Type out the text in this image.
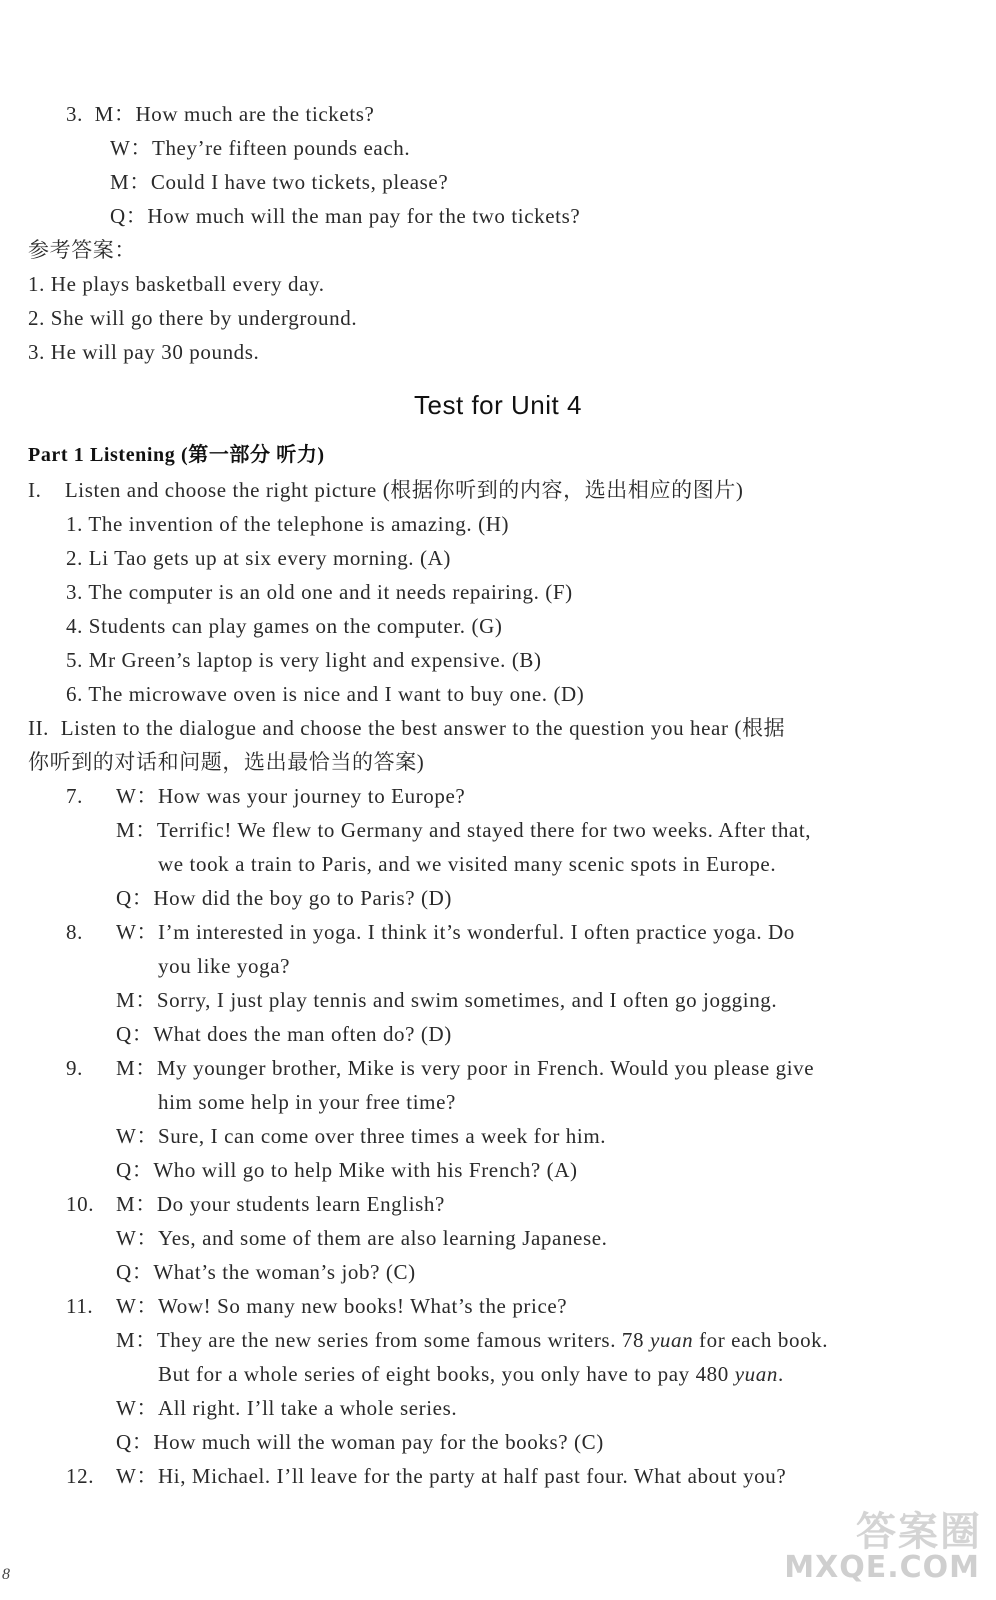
3. M：How much are the tickets?
W：They’re fifteen pounds each.
M：Could I have two tickets, please?
Q：How much will the man pay for the two tickets?
参考答案：
1. He plays basketball every day.
2. She will go there by underground.
3. He will pay 30 pounds.
Test for Unit 4
Part 1 Listening (第一部分 听力)
I. Listen and choose the right picture (根据你听到的内容，选出相应的图片)
1. The invention of the telephone is amazing. (H)
2. Li Tao gets up at six every morning. (A)
3. The computer is an old one and it needs repairing. (F)
4. Students can play games on the computer. (G)
5. Mr Green’s laptop is very light and expensive. (B)
6. The microwave oven is nice and I want to buy one. (D)
II. Listen to the dialogue and choose the best answer to the question you hear (根据
你听到的对话和问题，选出最恰当的答案)
7. W：How was your journey to Europe?
M：Terrific! We flew to Germany and stayed there for two weeks. After that,
we took a train to Paris, and we visited many scenic spots in Europe.
Q：How did the boy go to Paris? (D)
8. W：I’m interested in yoga. I think it’s wonderful. I often practice yoga. Do
you like yoga?
M：Sorry, I just play tennis and swim sometimes, and I often go jogging.
Q：What does the man often do? (D)
9. M：My younger brother, Mike is very poor in French. Would you please give
him some help in your free time?
W：Sure, I can come over three times a week for him.
Q：Who will go to help Mike with his French? (A)
10. M：Do your students learn English?
W：Yes, and some of them are also learning Japanese.
Q：What’s the woman’s job? (C)
11. W：Wow! So many new books! What’s the price?
M：They are the new series from some famous writers. 78 yuan for each book.
But for a whole series of eight books, you only have to pay 480 yuan.
W：All right. I’ll take a whole series.
Q：How much will the woman pay for the books? (C)
12. W：Hi, Michael. I’ll leave for the party at half past four. What about you?
8
答案圈
MXQE.COM
